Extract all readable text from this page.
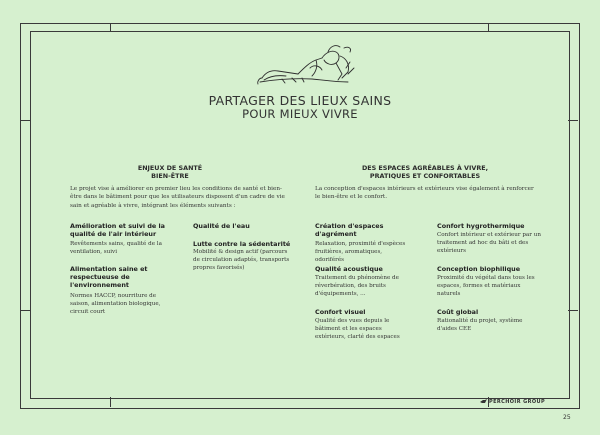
PARTAGER DES LIEUX SAINS
POUR MIEUX VIVRE
ENJEUX DE SANTÉ
BIEN-ÊTRE
Le projet vise à améliorer en premier lieu les conditions de santé et bien-être dans le bâtiment pour que les utilisateurs disposent d'un cadre de vie sain et agréable à vivre, intégrant les éléments suivants :
Amélioration et suivi de la qualité de l'air intérieur
Revêtements sains, qualité de la ventilation, suivi
Alimentation saine et respectueuse de l'environnement
Normes HACCP, nourriture de saison, alimentation biologique, circuit court
Qualité de l'eau
Lutte contre la sédentarité
Mobilité & design actif (parcours de circulation adaptés, transports propres favorisés)
DES ESPACES AGRÉABLES À VIVRE,
PRATIQUES ET CONFORTABLES
La conception d'espaces intérieurs et extérieurs vise également à renforcer le bien-être et le confort.
Création d'espaces d'agrément
Relaxation, proximité d'espèces fruitières, aromatiques, odoriférés
Qualité acoustique
Traitement du phénomène de réverbération, des bruits d'équipements, ...
Confort visuel
Qualité des vues depuis le bâtiment et les espaces extérieurs, clarté des espaces
Confort hygrothermique
Confort intérieur et extérieur par un traitement ad hoc du bâti et des extérieurs
Conception biophilique
Proximité du végétal dans tous les espaces, formes et matériaux naturels
Coût global
Rationalité du projet, système d'aides CEE
PERCHOIR GROUP
25
